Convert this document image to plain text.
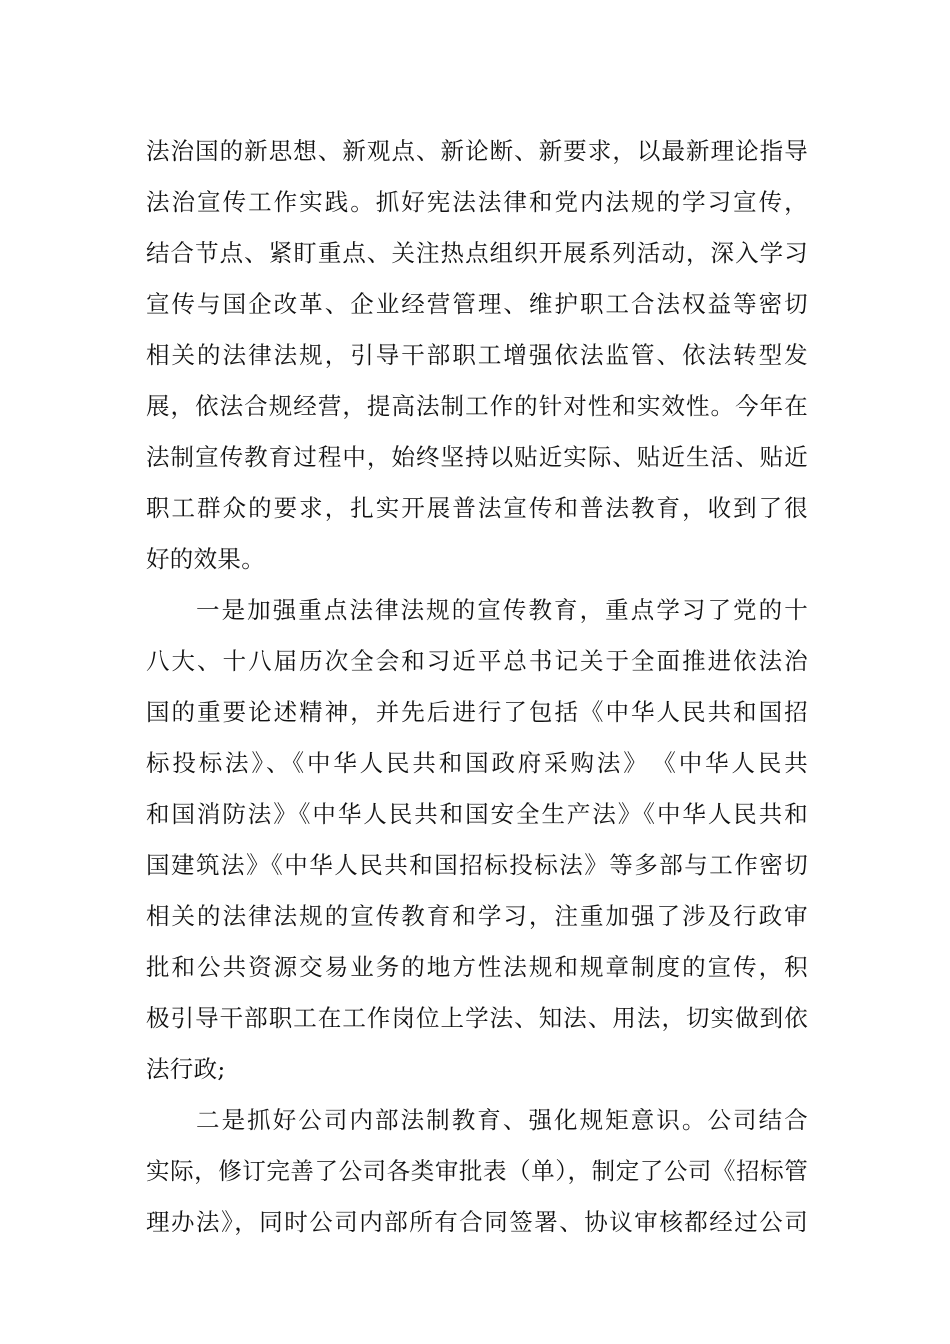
法治国的新思想、新观点、新论断、新要求，以最新理论指导
法治宣传工作实践。抓好宪法法律和党内法规的学习宣传，
结合节点、紧盯重点、关注热点组织开展系列活动，深入学习
宣传与国企改革、企业经营管理、维护职工合法权益等密切
相关的法律法规，引导干部职工增强依法监管、依法转型发
展，依法合规经营，提高法制工作的针对性和实效性。今年在
法制宣传教育过程中，始终坚持以贴近实际、贴近生活、贴近
职工群众的要求，扎实开展普法宣传和普法教育，收到了很
好的效果。
一是加强重点法律法规的宣传教育，重点学习了党的十
八大、十八届历次全会和习近平总书记关于全面推进依法治
国的重要论述精神，并先后进行了包括《中华人民共和国招
标投标法》、《中华人民共和国政府采购法》　《中华人民共
和国消防法》《中华人民共和国安全生产法》《中华人民共和
国建筑法》《中华人民共和国招标投标法》等多部与工作密切
相关的法律法规的宣传教育和学习，注重加强了涉及行政审
批和公共资源交易业务的地方性法规和规章制度的宣传，积
极引导干部职工在工作岗位上学法、知法、用法，切实做到依
法行政;
二是抓好公司内部法制教育、强化规矩意识。公司结合
实际，修订完善了公司各类审批表（单），制定了公司《招标管
理办法》，同时公司内部所有合同签署、协议审核都经过公司
